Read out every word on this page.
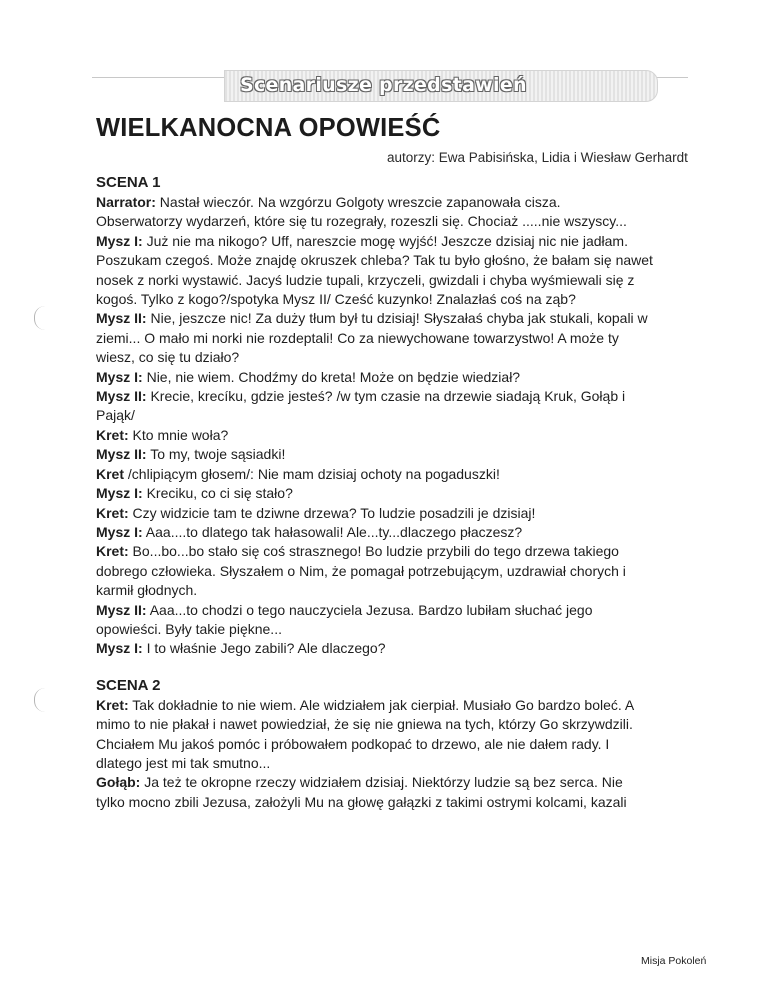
Scenariusze przedstawień
WIELKANOCNA OPOWIEŚĆ
autorzy: Ewa Pabisińska, Lidia i Wiesław Gerhardt
SCENA 1
Narrator: Nastał wieczór. Na wzgórzu Golgoty wreszcie zapanowała cisza.
Obserwatorzy wydarzeń, które się tu rozegrały, rozeszli się. Chociaż .....nie wszyscy...
Mysz I: Już nie ma nikogo? Uff, nareszcie mogę wyjść! Jeszcze dzisiaj nic nie jadłam.
Poszukam czegoś. Może znajdę okruszek chleba? Tak tu było głośno, że bałam się nawet
nosek z norki wystawić. Jacyś ludzie tupali, krzyczeli, gwizdali i chyba wyśmiewali się z
kogoś. Tylko z kogo?/spotyka Mysz II/ Cześć kuzynko! Znalazłaś coś na ząb?
Mysz II: Nie, jeszcze nic! Za duży tłum był tu dzisiaj! Słyszałaś chyba jak stukali, kopali w
ziemi... O mało mi norki nie rozdeptali! Co za niewychowane towarzystwo! A może ty
wiesz, co się tu działo?
Mysz I: Nie, nie wiem. Chodźmy do kreta! Może on będzie wiedział?
Mysz II: Krecie, krecíku, gdzie jesteś? /w tym czasie na drzewie siadają Kruk, Gołąb i
Pająk/
Kret: Kto mnie woła?
Mysz II: To my, twoje sąsiadki!
Kret /chlipiącym głosem/: Nie mam dzisiaj ochoty na pogaduszki!
Mysz I: Kreciku, co ci się stało?
Kret: Czy widzicie tam te dziwne drzewa? To ludzie posadzili je dzisiaj!
Mysz I: Aaa....to dlatego tak hałasowali! Ale...ty...dlaczego płaczesz?
Kret: Bo...bo...bo stało się coś strasznego! Bo ludzie przybili do tego drzewa takiego
dobrego człowieka. Słyszałem o Nim, że pomagał potrzebującym, uzdrawiał chorych i
karmił głodnych.
Mysz II: Aaa...to chodzi o tego nauczyciela Jezusa. Bardzo lubiłam słuchać jego
opowieści. Były takie piękne...
Mysz I: I to właśnie Jego zabili? Ale dlaczego?
SCENA 2
Kret: Tak dokładnie to nie wiem. Ale widziałem jak cierpiał. Musiało Go bardzo boleć. A
mimo to nie płakał i nawet powiedział, że się nie gniewa na tych, którzy Go skrzywdzili.
Chciałem Mu jakoś pomóc i próbowałem podkopać to drzewo, ale nie dałem rady. I
dlatego jest mi tak smutno...
Gołąb: Ja też te okropne rzeczy widziałem dzisiaj. Niektórzy ludzie są bez serca. Nie
tylko mocno zbili Jezusa, założyli Mu na głowę gałązki z takimi ostrymi kolcami, kazali
Misja Pokoleń
